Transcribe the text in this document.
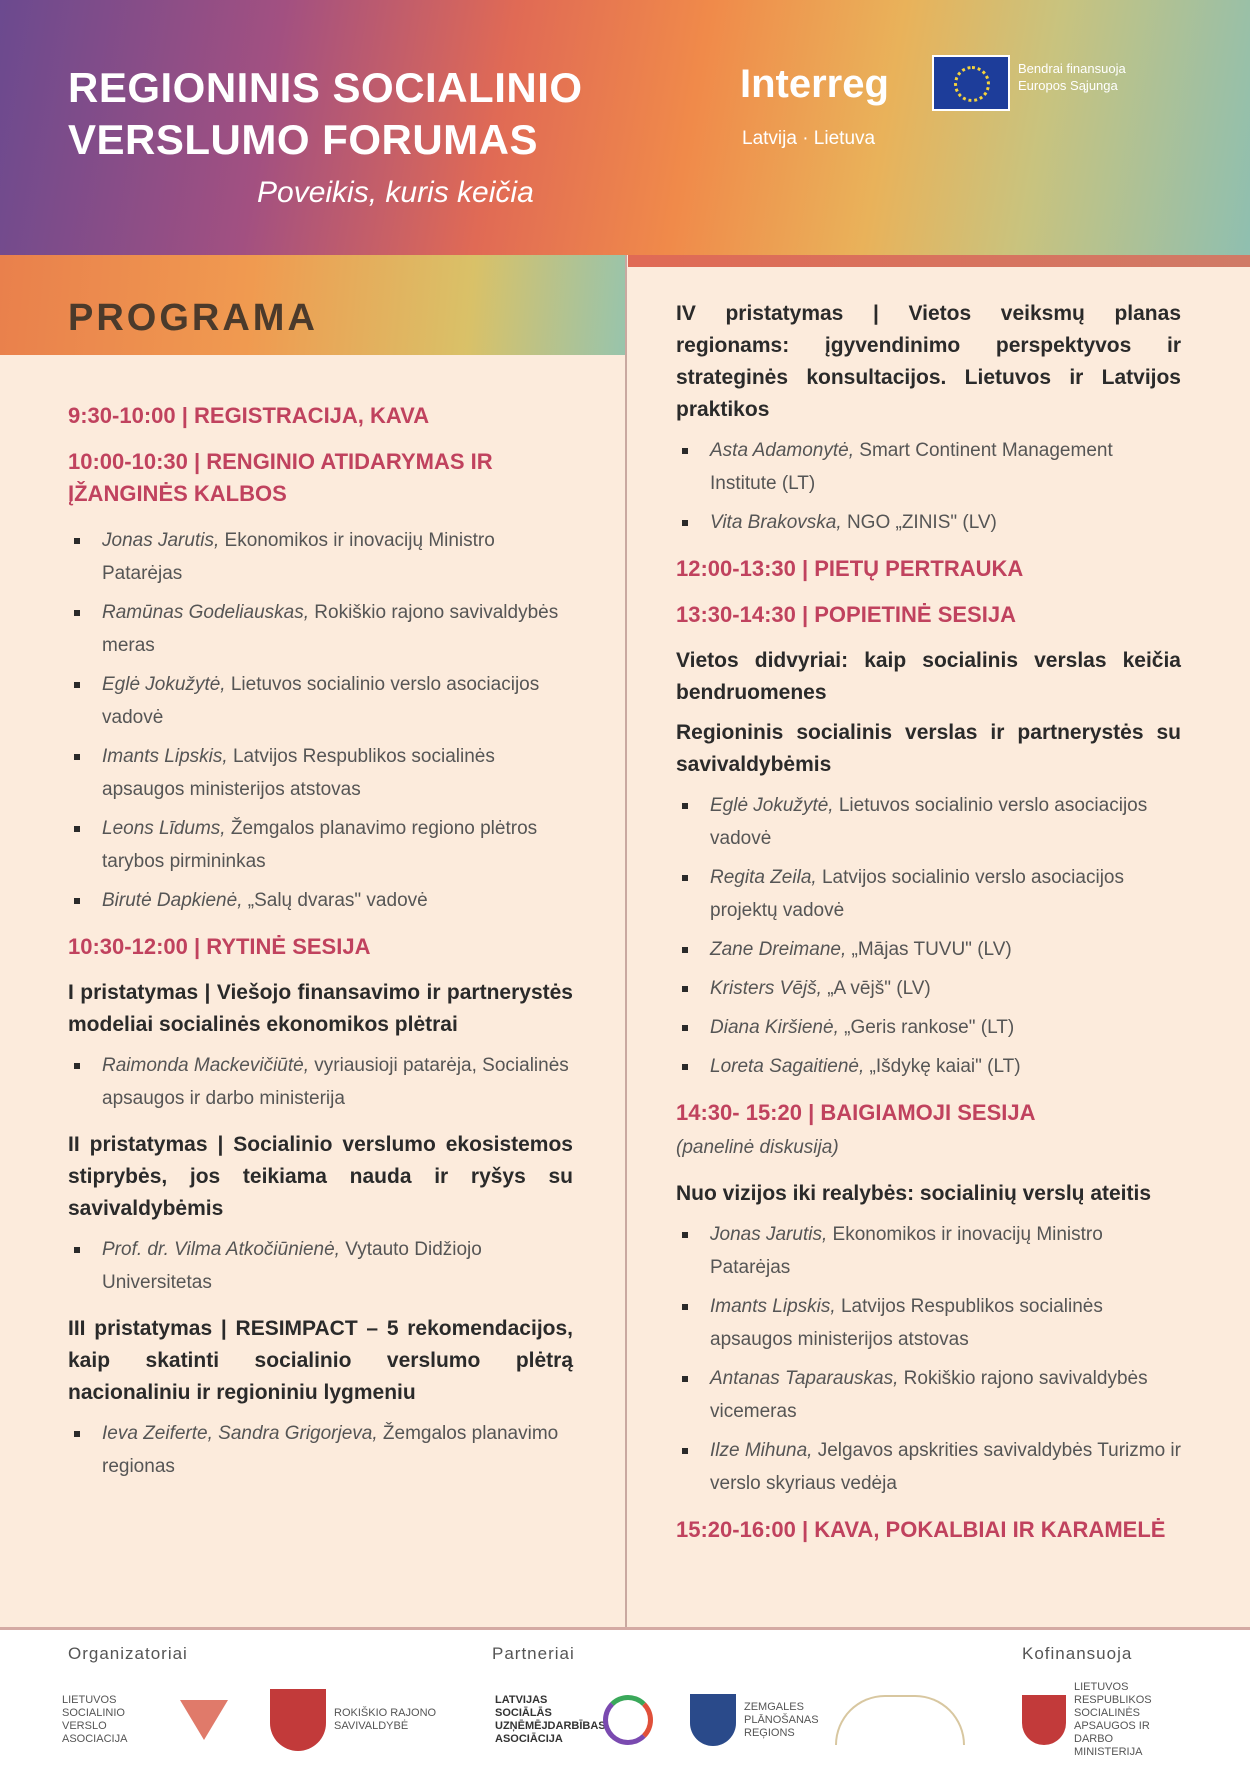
REGIONINIS SOCIALINIO
VERSLUMO FORUMAS
Poveikis, kuris keičia
Interreg
Latvija · Lietuva
Bendrai finansuoja
Europos Sąjunga
PROGRAMA
9:30-10:00 | REGISTRACIJA, KAVA
10:00-10:30 | RENGINIO ATIDARYMAS IR ĮŽANGINĖS KALBOS
Jonas Jarutis, Ekonomikos ir inovacijų Ministro Patarėjas
Ramūnas Godeliauskas, Rokiškio rajono savivaldybės meras
Eglė Jokužytė, Lietuvos socialinio verslo asociacijos vadovė
Imants Lipskis, Latvijos Respublikos socialinės apsaugos ministerijos atstovas
Leons Līdums, Žemgalos planavimo regiono plėtros tarybos pirmininkas
Birutė Dapkienė, „Salų dvaras" vadovė
10:30-12:00 | RYTINĖ SESIJA
I pristatymas | Viešojo finansavimo ir partnerystės modeliai socialinės ekonomikos plėtrai
Raimonda Mackevičiūtė, vyriausioji patarėja, Socialinės apsaugos ir darbo ministerija
II pristatymas | Socialinio verslumo ekosistemos stiprybės, jos teikiama nauda ir ryšys su savivaldybėmis
Prof. dr. Vilma Atkočiūnienė, Vytauto Didžiojo Universitetas
III pristatymas | RESIMPACT – 5 rekomendacijos, kaip skatinti socialinio verslumo plėtrą nacionaliniu ir regioniniu lygmeniu
Ieva Zeiferte, Sandra Grigorjeva, Žemgalos planavimo regionas
IV pristatymas | Vietos veiksmų planas regionams: įgyvendinimo perspektyvos ir strateginės konsultacijos. Lietuvos ir Latvijos praktikos
Asta Adamonytė, Smart Continent Management Institute (LT)
Vita Brakovska, NGO „ZINIS" (LV)
12:00-13:30 | PIETŲ PERTRAUKA
13:30-14:30 | POPIETINĖ SESIJA
Vietos didvyriai: kaip socialinis verslas keičia bendruomenes
Regioninis socialinis verslas ir partnerystės su savivaldybėmis
Eglė Jokužytė, Lietuvos socialinio verslo asociacijos vadovė
Regita Zeila, Latvijos socialinio verslo asociacijos projektų vadovė
Zane Dreimane, „Mājas TUVU" (LV)
Kristers Vējš, „A vējš" (LV)
Diana Kiršienė, „Geris rankose" (LT)
Loreta Sagaitienė, „Išdykę kaiai" (LT)
14:30- 15:20 | BAIGIAMOJI SESIJA
(panelinė diskusija)
Nuo vizijos iki realybės: socialinių verslų ateitis
Jonas Jarutis, Ekonomikos ir inovacijų Ministro Patarėjas
Imants Lipskis, Latvijos Respublikos socialinės apsaugos ministerijos atstovas
Antanas Taparauskas, Rokiškio rajono savivaldybės vicemeras
Ilze Mihuna, Jelgavos apskrities savivaldybės Turizmo ir verslo skyriaus vedėja
15:20-16:00 | KAVA, POKALBIAI IR KARAMELĖ
Organizatoriai	Partneriai	Kofinansuoja
LIETUVOS SOCIALINIO VERSLO ASOCIACIJA
ROKIŠKIO RAJONO SAVIVALDYBĖ
LATVIJAS SOCIĀLĀS UZŅĒMĒJDARBĪBAS ASOCIĀCIJA
ZEMGALES PLĀNOŠANAS REĢIONS
LIETUVOS RESPUBLIKOS SOCIALINĖS APSAUGOS IR DARBO MINISTERIJA
